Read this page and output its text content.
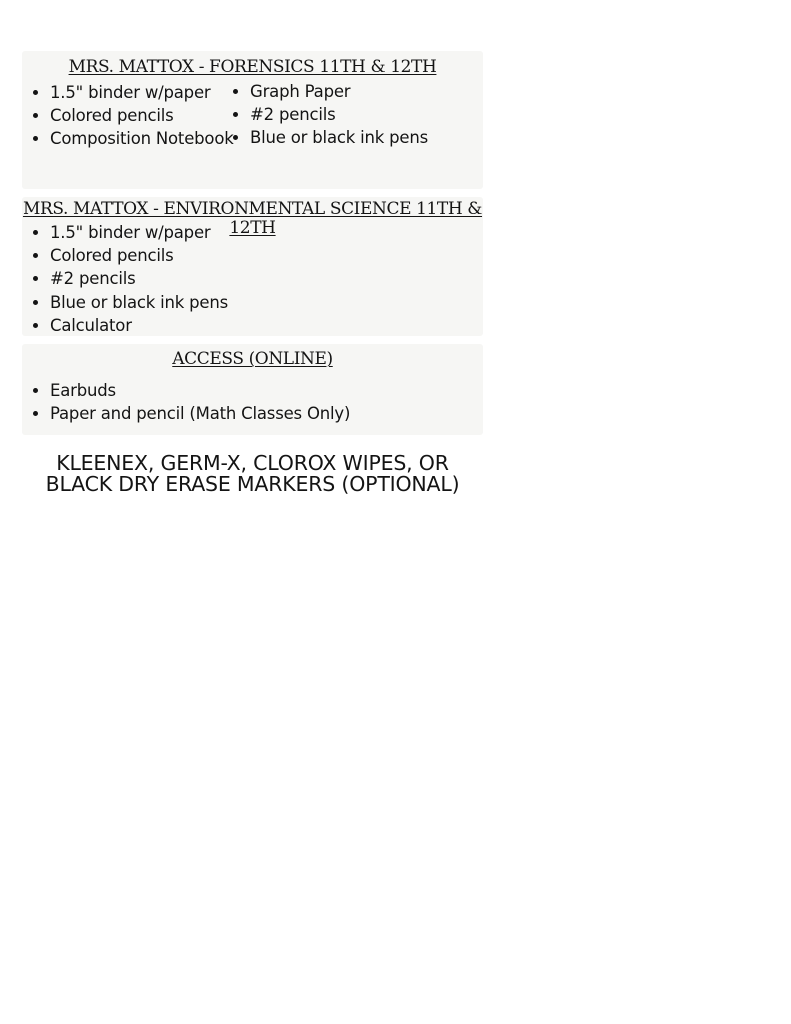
MRS. MATTOX - FORENSICS 11TH & 12TH
• 1.5" binder w/paper
• Colored pencils
• Composition Notebook
• Graph Paper
• #2 pencils
• Blue or black ink pens
• 1.5" binder w/paper
• Colored pencils
• #2 pencils
• Blue or black ink pens
• Calculator
MRS. MATTOX - ENVIRONMENTAL SCIENCE 11TH & 12TH
ACCESS (ONLINE)
• Earbuds
• Paper and pencil (Math Classes Only)
KLEENEX, GERM-X, CLOROX WIPES, OR BLACK DRY ERASE MARKERS (OPTIONAL)
